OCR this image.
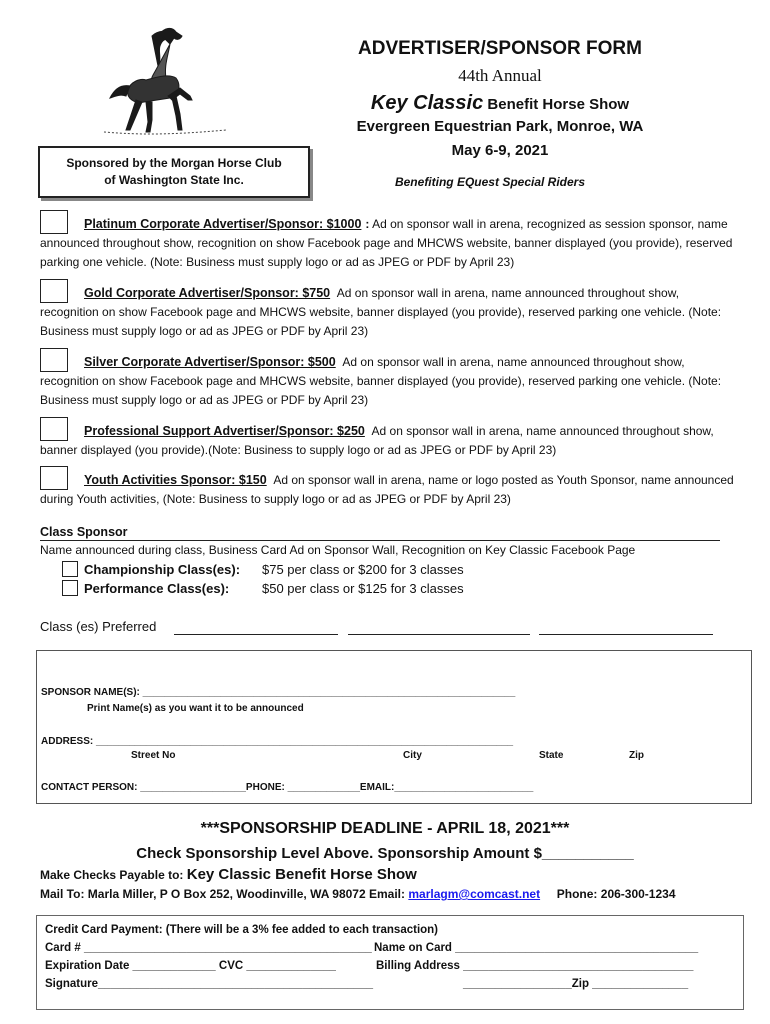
ADVERTISER/SPONSOR FORM
44th Annual
Key Classic Benefit Horse Show
Evergreen Equestrian Park, Monroe, WA
May 6-9, 2021
Benefiting EQuest Special Riders
Sponsored by the Morgan Horse Club
of Washington State Inc.
Platinum Corporate Advertiser/Sponsor: $1000 : Ad on sponsor wall in arena, recognized as session sponsor, name announced throughout show, recognition on show Facebook page and MHCWS website, banner displayed (you provide), reserved parking one vehicle. (Note: Business must supply logo or ad as JPEG or PDF by April 23)
Gold Corporate Advertiser/Sponsor: $750 Ad on sponsor wall in arena, name announced throughout show, recognition on show Facebook page and MHCWS website, banner displayed (you provide), reserved parking one vehicle. (Note: Business must supply logo or ad as JPEG or PDF by April 23)
Silver Corporate Advertiser/Sponsor: $500 Ad on sponsor wall in arena, name announced throughout show, recognition on show Facebook page and MHCWS website, banner displayed (you provide), reserved parking one vehicle. (Note: Business must supply logo or ad as JPEG or PDF by April 23)
Professional Support Advertiser/Sponsor: $250 Ad on sponsor wall in arena, name announced throughout show, banner displayed (you provide).(Note: Business to supply logo or ad as JPEG or PDF by April 23)
Youth Activities Sponsor: $150 Ad on sponsor wall in arena, name or logo posted as Youth Sponsor, name announced during Youth activities, (Note: Business to supply logo or ad as JPEG or PDF by April 23)
Class Sponsor
Name announced during class, Business Card Ad on Sponsor Wall, Recognition on Key Classic Facebook Page
Championship Class(es): $75 per class or $200 for 3 classes
Performance Class(es):	$50 per class or $125 for 3 classes
Class (es) Preferred
SPONSOR NAME(S): ___________________________________________________________________
Print Name(s) as you want it to be announced
ADDRESS: ___________________________________________________________________________
Street No	City	State	Zip
CONTACT PERSON: ___________________PHONE: _____________EMAIL:_________________________
***SPONSORSHIP DEADLINE - APRIL 18, 2021***
Check Sponsorship Level Above. Sponsorship Amount $___________
Make Checks Payable to: Key Classic Benefit Horse Show
Mail To: Marla Miller, P O Box 252, Woodinville, WA 98072 Email: marlagm@comcast.net Phone: 206-300-1234
Credit Card Payment: (There will be a 3% fee added to each transaction)
Card # _____________________________________________ Name on Card ______________________________________
Expiration Date _____________ CVC ______________	Billing Address ____________________________________
Signature___________________________________________	_________________Zip _______________
